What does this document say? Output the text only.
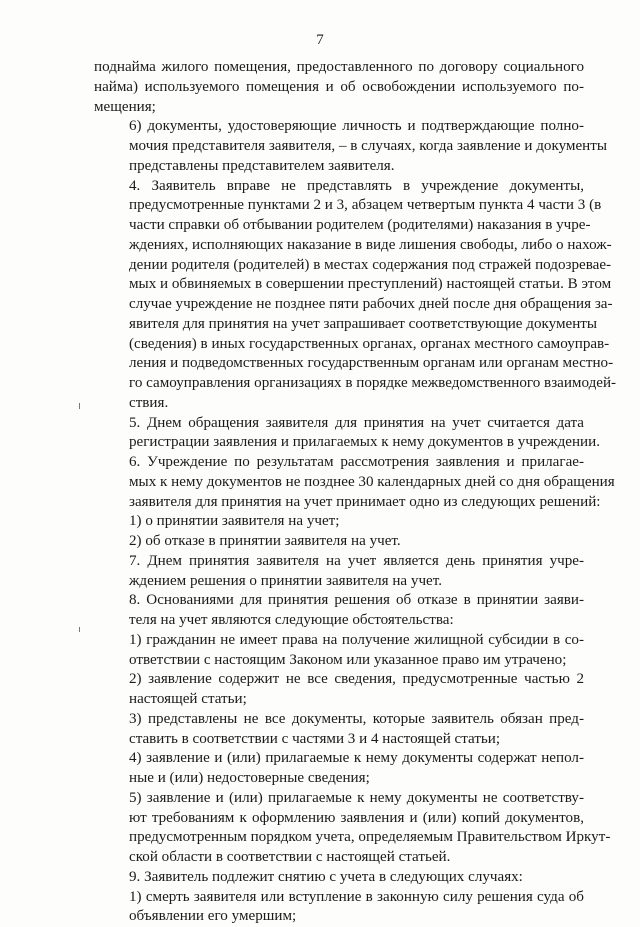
7

поднайма жилого помещения, предоставленного по договору социального
найма) используемого помещения и об освобождении используемого по-
мещения;

6) документы, удостоверяющие личность и подтверждающие полно-
мочия представителя заявителя, – в случаях, когда заявление и документы
представлены представителем заявителя.

4. Заявитель вправе не представлять в учреждение документы,
предусмотренные пунктами 2 и 3, абзацем четвертым пункта 4 части 3 (в
части справки об отбывании родителем (родителями) наказания в учре-
ждениях, исполняющих наказание в виде лишения свободы, либо о нахож-
дении родителя (родителей) в местах содержания под стражей подозревае-
мых и обвиняемых в совершении преступлений) настоящей статьи. В этом
случае учреждение не позднее пяти рабочих дней после дня обращения за-
явителя для принятия на учет запрашивает соответствующие документы
(сведения) в иных государственных органах, органах местного самоуправ-
ления и подведомственных государственным органам или органам местно-
го самоуправления организациях в порядке межведомственного взаимодей-
ствия.

5. Днем обращения заявителя для принятия на учет считается дата
регистрации заявления и прилагаемых к нему документов в учреждении.

6. Учреждение по результатам рассмотрения заявления и прилагае-
мых к нему документов не позднее 30 календарных дней со дня обращения
заявителя для принятия на учет принимает одно из следующих решений:

1) о принятии заявителя на учет;

2) об отказе в принятии заявителя на учет.

7. Днем принятия заявителя на учет является день принятия учре-
ждением решения о принятии заявителя на учет.

8. Основаниями для принятия решения об отказе в принятии заяви-
теля на учет являются следующие обстоятельства:

1) гражданин не имеет права на получение жилищной субсидии в со-
ответствии с настоящим Законом или указанное право им утрачено;

2) заявление содержит не все сведения, предусмотренные частью 2
настоящей статьи;

3) представлены не все документы, которые заявитель обязан пред-
ставить в соответствии с частями 3 и 4 настоящей статьи;

4) заявление и (или) прилагаемые к нему документы содержат непол-
ные и (или) недостоверные сведения;

5) заявление и (или) прилагаемые к нему документы не соответству-
ют требованиям к оформлению заявления и (или) копий документов,
предусмотренным порядком учета, определяемым Правительством Иркут-
ской области в соответствии с настоящей статьей.

9. Заявитель подлежит снятию с учета в следующих случаях:

1) смерть заявителя или вступление в законную силу решения суда об
объявлении его умершим;
